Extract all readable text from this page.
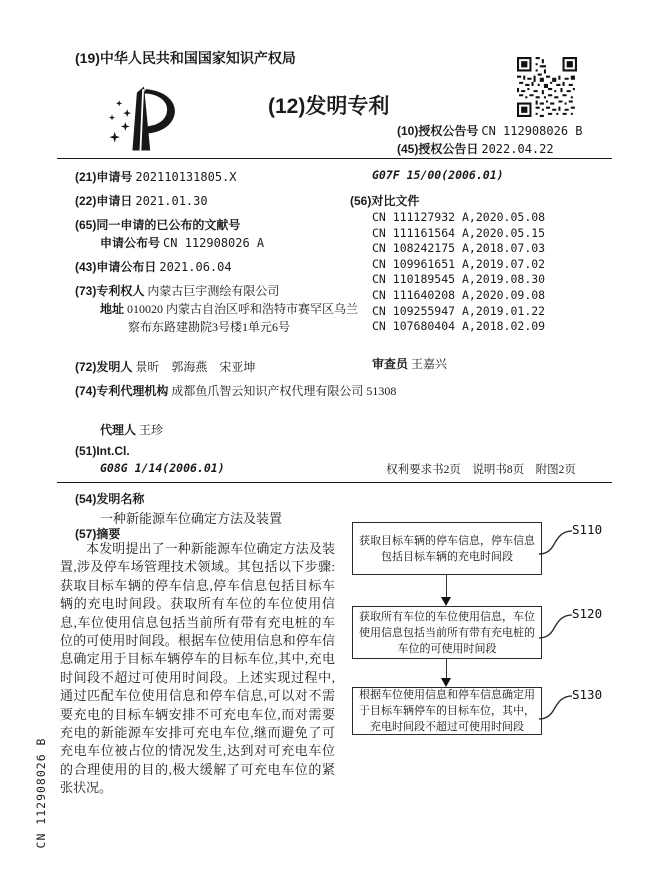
CN 112908026 B
(19)中华人民共和国国家知识产权局
(12)发明专利
(10)授权公告号 CN 112908026 B
(45)授权公告日 2022.04.22
(21)申请号 202110131805.X
(22)申请日 2021.01.30
(65)同一申请的已公布的文献号
申请公布号 CN 112908026 A
(43)申请公布日 2021.06.04
(73)专利权人 内蒙古巨宇测绘有限公司
地址 010020 内蒙古自治区呼和浩特市赛罕区乌兰察布东路建勘院3号楼1单元6号
(72)发明人 景昕　郭海燕　宋亚坤
(74)专利代理机构 成都鱼爪智云知识产权代理有限公司 51308
代理人 王珍
(51)Int.Cl.
G08G 1/14(2006.01)
G07F 15/00(2006.01)
(56)对比文件
CN 111127932 A,2020.05.08
CN 111161564 A,2020.05.15
CN 108242175 A,2018.07.03
CN 109961651 A,2019.07.02
CN 110189545 A,2019.08.30
CN 111640208 A,2020.09.08
CN 109255947 A,2019.01.22
CN 107680404 A,2018.02.09
审查员 王嘉兴
权利要求书2页　说明书8页　附图2页
(54)发明名称
一种新能源车位确定方法及装置
(57)摘要
本发明提出了一种新能源车位确定方法及装置,涉及停车场管理技术领域。其包括以下步骤:获取目标车辆的停车信息,停车信息包括目标车辆的充电时间段。获取所有车位的车位使用信息,车位使用信息包括当前所有带有充电桩的车位的可使用时间段。根据车位使用信息和停车信息确定用于目标车辆停车的目标车位,其中,充电时间段不超过可使用时间段。上述实现过程中,通过匹配车位使用信息和停车信息,可以对不需要充电的目标车辆安排不可充电车位,而对需要充电的新能源车安排可充电车位,继而避免了可充电车位被占位的情况发生,达到对可充电车位的合理使用的目的,极大缓解了可充电车位的紧张状况。
获取目标车辆的停车信息，停车信息包括目标车辆的充电时间段
S110
获取所有车位的车位使用信息，车位使用信息包括当前所有带有充电桩的车位的可使用时间段
S120
根据车位使用信息和停车信息确定用于目标车辆停车的目标车位，其中，充电时间段不超过可使用时间段
S130
